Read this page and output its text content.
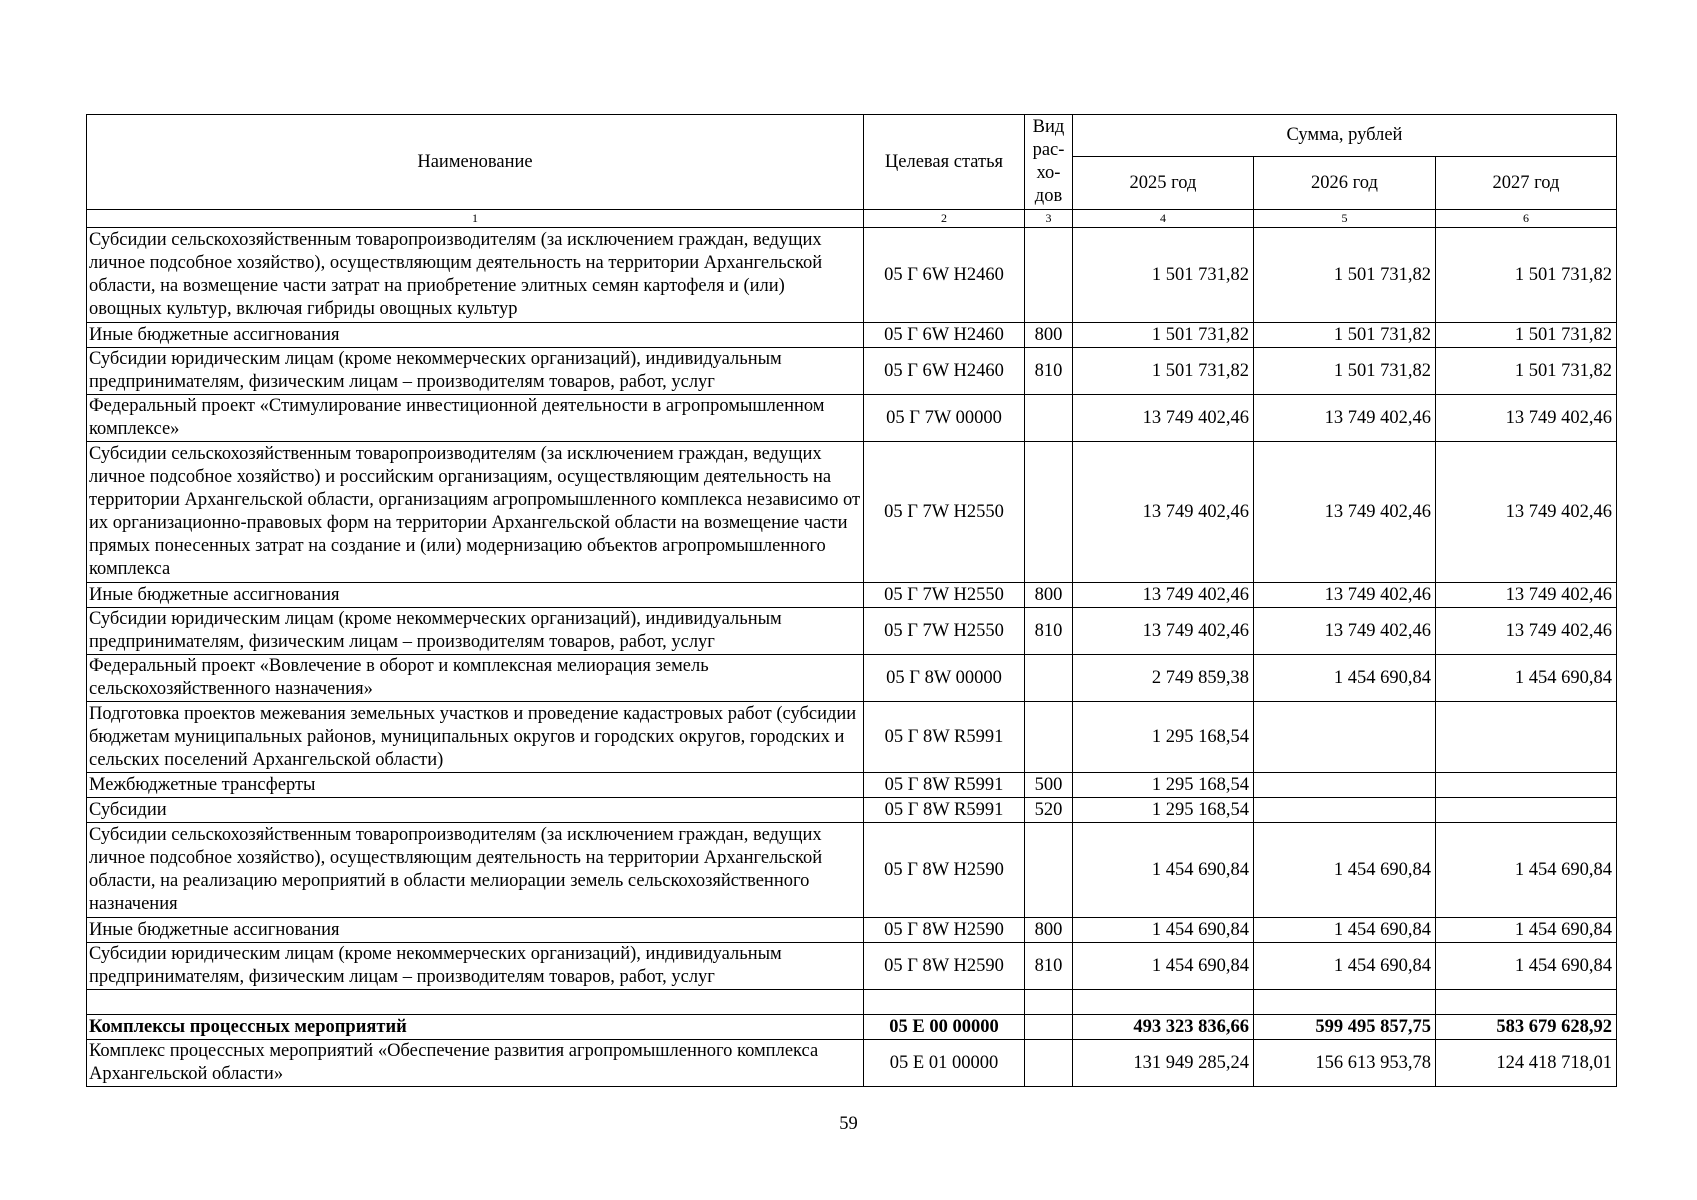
Наименование	Целевая статья	Вид рас-хо-дов	Сумма, рублей		
			2025 год	2026 год	2027 год
1	2	3	4	5	6
Субсидии сельскохозяйственным товаропроизводителям (за исключением граждан, ведущих личное подсобное хозяйство), осуществляющим деятельность на территории Архангельской области, на возмещение части затрат на приобретение элитных семян картофеля и (или) овощных культур, включая гибриды овощных культур	05 Г 6W H2460		1 501 731,82	1 501 731,82	1 501 731,82
Иные бюджетные ассигнования	05 Г 6W H2460	800	1 501 731,82	1 501 731,82	1 501 731,82
Субсидии юридическим лицам (кроме некоммерческих организаций), индивидуальным предпринимателям, физическим лицам – производителям товаров, работ, услуг	05 Г 6W H2460	810	1 501 731,82	1 501 731,82	1 501 731,82
Федеральный проект «Стимулирование инвестиционной деятельности в агропромышленном комплексе»	05 Г 7W 00000		13 749 402,46	13 749 402,46	13 749 402,46
Субсидии сельскохозяйственным товаропроизводителям (за исключением граждан, ведущих личное подсобное хозяйство) и российским организациям, осуществляющим деятельность на территории Архангельской области, организациям агропромышленного комплекса независимо от их организационно-правовых форм на территории Архангельской области на возмещение части прямых понесенных затрат на создание и (или) модернизацию объектов агропромышленного комплекса	05 Г 7W H2550		13 749 402,46	13 749 402,46	13 749 402,46
Иные бюджетные ассигнования	05 Г 7W H2550	800	13 749 402,46	13 749 402,46	13 749 402,46
Субсидии юридическим лицам (кроме некоммерческих организаций), индивидуальным предпринимателям, физическим лицам – производителям товаров, работ, услуг	05 Г 7W H2550	810	13 749 402,46	13 749 402,46	13 749 402,46
Федеральный проект «Вовлечение в оборот и комплексная мелиорация земель сельскохозяйственного назначения»	05 Г 8W 00000		2 749 859,38	1 454 690,84	1 454 690,84
Подготовка проектов межевания земельных участков и проведение кадастровых работ (субсидии бюджетам муниципальных районов, муниципальных округов и городских округов, городских и сельских поселений Архангельской области)	05 Г 8W R5991		1 295 168,54		
Межбюджетные трансферты	05 Г 8W R5991	500	1 295 168,54		
Субсидии	05 Г 8W R5991	520	1 295 168,54		
Субсидии сельскохозяйственным товаропроизводителям (за исключением граждан, ведущих личное подсобное хозяйство), осуществляющим деятельность на территории Архангельской области, на реализацию мероприятий в области мелиорации земель сельскохозяйственного назначения	05 Г 8W H2590		1 454 690,84	1 454 690,84	1 454 690,84
Иные бюджетные ассигнования	05 Г 8W H2590	800	1 454 690,84	1 454 690,84	1 454 690,84
Субсидии юридическим лицам (кроме некоммерческих организаций), индивидуальным предпринимателям, физическим лицам – производителям товаров, работ, услуг	05 Г 8W H2590	810	1 454 690,84	1 454 690,84	1 454 690,84

Комплексы процессных мероприятий	05 Е 00 00000		493 323 836,66	599 495 857,75	583 679 628,92
Комплекс процессных мероприятий «Обеспечение развития агропромышленного комплекса Архангельской области»	05 Е 01 00000		131 949 285,24	156 613 953,78	124 418 718,01
59
